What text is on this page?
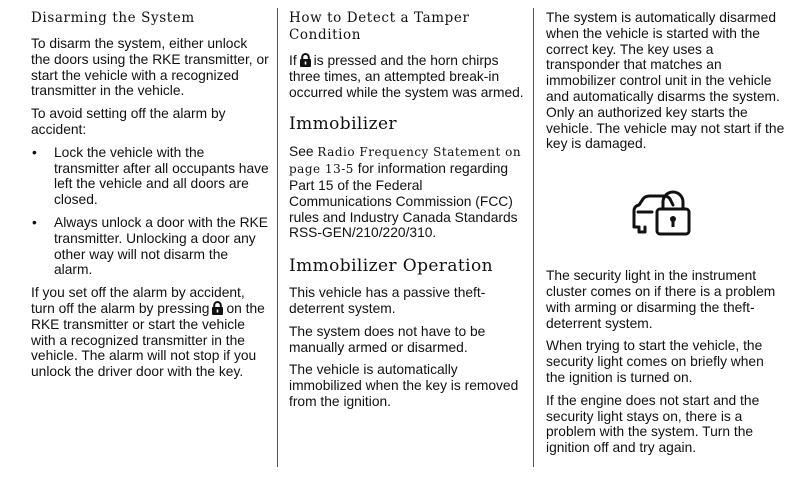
Disarming the System

To disarm the system, either unlock the doors using the RKE transmitter, or start the vehicle with a recognized transmitter in the vehicle.

To avoid setting off the alarm by accident:

• Lock the vehicle with the transmitter after all occupants have left the vehicle and all doors are closed.
• Always unlock a door with the RKE transmitter. Unlocking a door any other way will not disarm the alarm.

If you set off the alarm by accident, turn off the alarm by pressing on the RKE transmitter or start the vehicle with a recognized transmitter in the vehicle. The alarm will not stop if you unlock the driver door with the key.

How to Detect a Tamper Condition

If is pressed and the horn chirps three times, an attempted break-in occurred while the system was armed.

Immobilizer

See Radio Frequency Statement on page 13‑5 for information regarding Part 15 of the Federal Communications Commission (FCC) rules and Industry Canada Standards RSS-GEN/210/220/310.

Immobilizer Operation

This vehicle has a passive theft-deterrent system.

The system does not have to be manually armed or disarmed.

The vehicle is automatically immobilized when the key is removed from the ignition.

The system is automatically disarmed when the vehicle is started with the correct key. The key uses a transponder that matches an immobilizer control unit in the vehicle and automatically disarms the system. Only an authorized key starts the vehicle. The vehicle may not start if the key is damaged.

The security light in the instrument cluster comes on if there is a problem with arming or disarming the theft-deterrent system.

When trying to start the vehicle, the security light comes on briefly when the ignition is turned on.

If the engine does not start and the security light stays on, there is a problem with the system. Turn the ignition off and try again.
